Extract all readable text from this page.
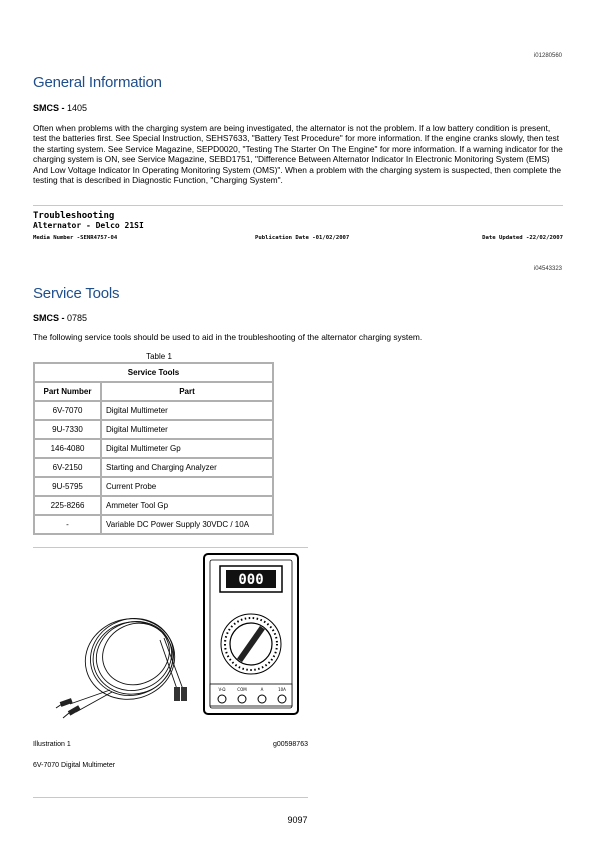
i01280560
General Information
SMCS - 1405
Often when problems with the charging system are being investigated, the alternator is not the problem. If a low battery condition is present, test the batteries first. See Special Instruction, SEHS7633, "Battery Test Procedure" for more information. If the engine cranks slowly, then test the starting system. See Service Magazine, SEPD0020, "Testing The Starter On The Engine" for more information. If a warning indicator for the charging system is ON, see Service Magazine, SEBD1751, "Difference Between Alternator Indicator In Electronic Monitoring System (EMS) And Low Voltage Indicator In Operating Monitoring System (OMS)". When a problem with the charging system is suspected, then complete the testing that is described in Diagnostic Function, "Charging System".
Troubleshooting
Alternator - Delco 21SI
Media Number -SENR4757-04	Publication Date -01/02/2007	Date Updated -22/02/2007
i04543323
Service Tools
SMCS - 0785
The following service tools should be used to aid in the troubleshooting of the alternator charging system.
Table 1
Service Tools	
Part Number	Part
6V-7070	Digital Multimeter
9U-7330	Digital Multimeter
146-4080	Digital Multimeter Gp
6V-2150	Starting and Charging Analyzer
9U-5795	Current Probe
225-8266	Ammeter Tool Gp
-	Variable DC Power Supply 30VDC / 10A
000
V-Ω	COM	A	10A
Illustration 1	g00598763
6V-7070 Digital Multimeter
9097
